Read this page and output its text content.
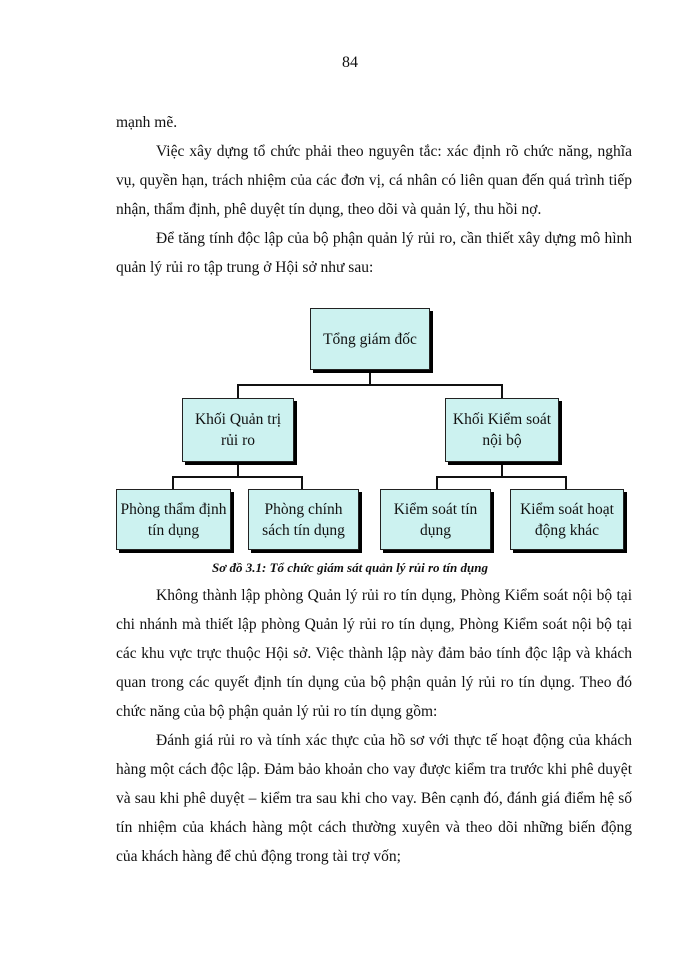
84

mạnh mẽ.

Việc xây dựng tổ chức phải theo nguyên tắc: xác định rõ chức năng, nghĩa vụ, quyền hạn, trách nhiệm của các đơn vị, cá nhân có liên quan đến quá trình tiếp nhận, thẩm định, phê duyệt tín dụng, theo dõi và quản lý, thu hồi nợ.

Để tăng tính độc lập của bộ phận quản lý rủi ro, cần thiết xây dựng mô hình quản lý rủi ro tập trung ở Hội sở như sau:

Tổng giám đốc
Khối Quản trị
rủi ro
Khối Kiểm soát
nội bộ
Phòng thẩm định
tín dụng
Phòng chính
sách tín dụng
Kiểm soát tín
dụng
Kiểm soát hoạt
động khác
Sơ đồ 3.1: Tổ chức giám sát quản lý rủi ro tín dụng

Không thành lập phòng Quản lý rủi ro tín dụng, Phòng Kiểm soát nội bộ tại chi nhánh mà thiết lập phòng Quản lý rủi ro tín dụng, Phòng Kiểm soát nội bộ tại các khu vực trực thuộc Hội sở. Việc thành lập này đảm bảo tính độc lập và khách quan trong các quyết định tín dụng của bộ phận quản lý rủi ro tín dụng. Theo đó chức năng của bộ phận quản lý rủi ro tín dụng gồm:

Đánh giá rủi ro và tính xác thực của hồ sơ với thực tế hoạt động của khách hàng một cách độc lập. Đảm bảo khoản cho vay được kiểm tra trước khi phê duyệt và sau khi phê duyệt – kiểm tra sau khi cho vay. Bên cạnh đó, đánh giá điểm hệ số tín nhiệm của khách hàng một cách thường xuyên và theo dõi những biến động của khách hàng để chủ động trong tài trợ vốn;
